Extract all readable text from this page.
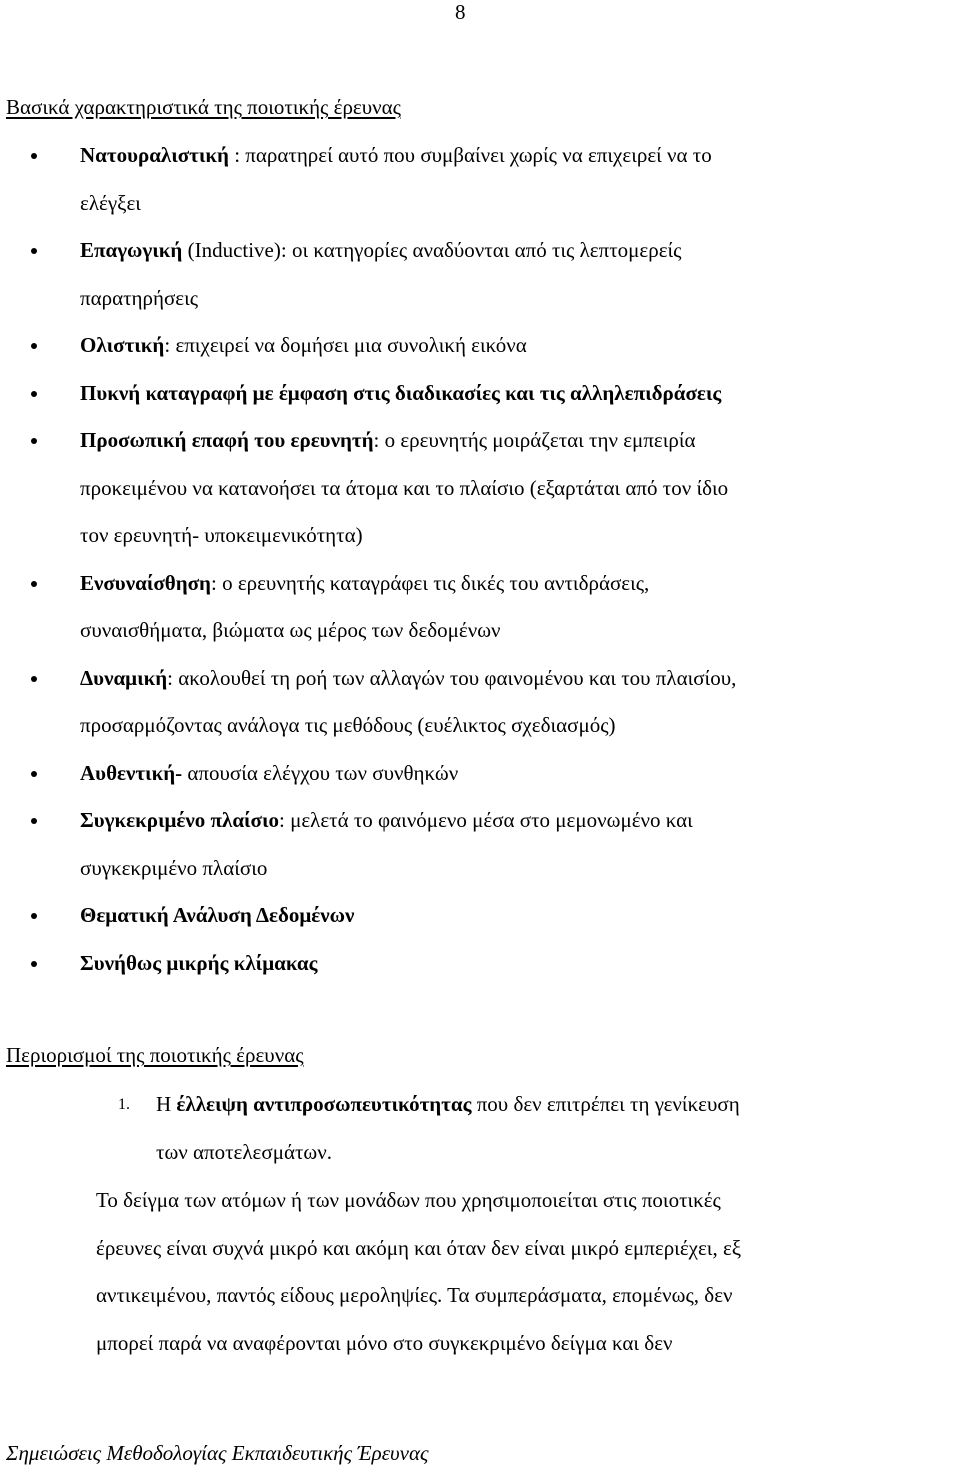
8
Βασικά χαρακτηριστικά της ποιοτικής έρευνας
Νατουραλιστική : παρατηρεί αυτό που συμβαίνει χωρίς να επιχειρεί να το
ελέγξει
Επαγωγική (Inductive): οι κατηγορίες αναδύονται από τις λεπτομερείς
παρατηρήσεις
Ολιστική: επιχειρεί να δομήσει μια συνολική εικόνα
Πυκνή καταγραφή με έμφαση στις διαδικασίες και τις αλληλεπιδράσεις
Προσωπική επαφή του ερευνητή: ο ερευνητής μοιράζεται την εμπειρία
προκειμένου να κατανοήσει τα άτομα και το πλαίσιο (εξαρτάται από τον ίδιο
τον ερευνητή- υποκειμενικότητα)
Ενσυναίσθηση: ο ερευνητής καταγράφει τις δικές του αντιδράσεις,
συναισθήματα, βιώματα ως μέρος των δεδομένων
Δυναμική: ακολουθεί τη ροή των αλλαγών του φαινομένου και του πλαισίου,
προσαρμόζοντας ανάλογα τις μεθόδους (ευέλικτος σχεδιασμός)
Αυθεντική- απουσία ελέγχου των συνθηκών
Συγκεκριμένο πλαίσιο: μελετά το φαινόμενο μέσα στο μεμονωμένο και
συγκεκριμένο πλαίσιο
Θεματική Ανάλυση Δεδομένων
Συνήθως μικρής κλίμακας
Περιορισμοί της ποιοτικής έρευνας
1. Η έλλειψη αντιπροσωπευτικότητας που δεν επιτρέπει τη γενίκευση
των αποτελεσμάτων.
Το δείγμα των ατόμων ή των μονάδων που χρησιμοποιείται στις ποιοτικές
έρευνες είναι συχνά μικρό και ακόμη και όταν δεν είναι μικρό εμπεριέχει, εξ
αντικειμένου, παντός είδους μεροληψίες. Τα συμπεράσματα, επομένως, δεν
μπορεί παρά να αναφέρονται μόνο στο συγκεκριμένο δείγμα και δεν
Σημειώσεις Μεθοδολογίας Εκπαιδευτικής Έρευνας
